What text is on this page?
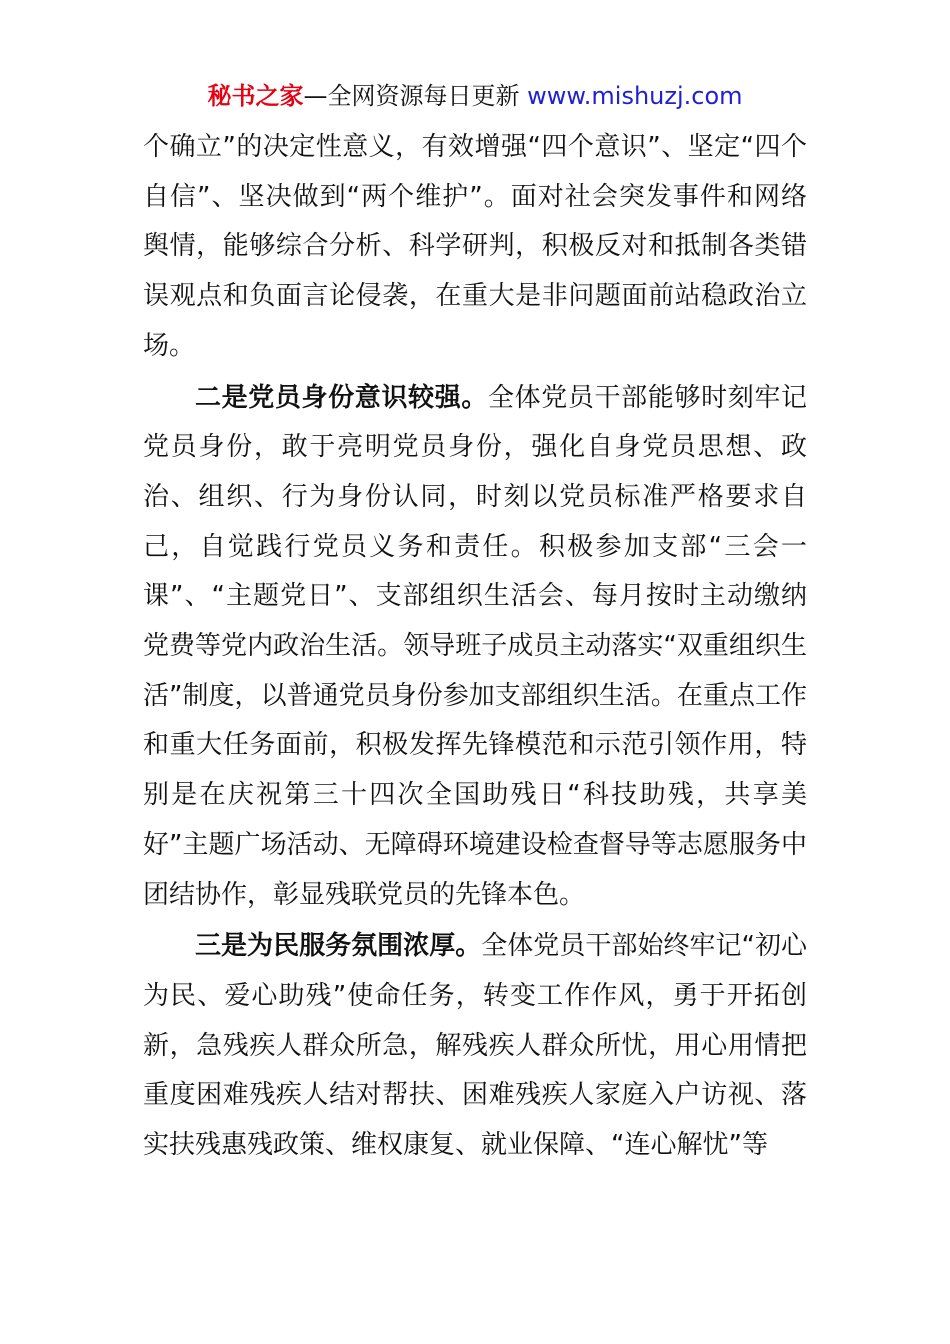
秘书之家—全网资源每日更新 www.mishuzj.com

个确立”的决定性意义，有效增强“四个意识”、坚定“四个自信”、坚决做到“两个维护”。面对社会突发事件和网络舆情，能够综合分析、科学研判，积极反对和抵制各类错误观点和负面言论侵袭，在重大是非问题面前站稳政治立场。

二是党员身份意识较强。全体党员干部能够时刻牢记党员身份，敢于亮明党员身份，强化自身党员思想、政治、组织、行为身份认同，时刻以党员标准严格要求自己，自觉践行党员义务和责任。积极参加支部“三会一课”、“主题党日”、支部组织生活会、每月按时主动缴纳党费等党内政治生活。领导班子成员主动落实“双重组织生活”制度，以普通党员身份参加支部组织生活。在重点工作和重大任务面前，积极发挥先锋模范和示范引领作用，特别是在庆祝第三十四次全国助残日“科技助残，共享美好”主题广场活动、无障碍环境建设检查督导等志愿服务中团结协作，彰显残联党员的先锋本色。

三是为民服务氛围浓厚。全体党员干部始终牢记“初心为民、爱心助残”使命任务，转变工作作风，勇于开拓创新，急残疾人群众所急，解残疾人群众所忧，用心用情把重度困难残疾人结对帮扶、困难残疾人家庭入户访视、落实扶残惠残政策、维权康复、就业保障、“连心解忧”等
